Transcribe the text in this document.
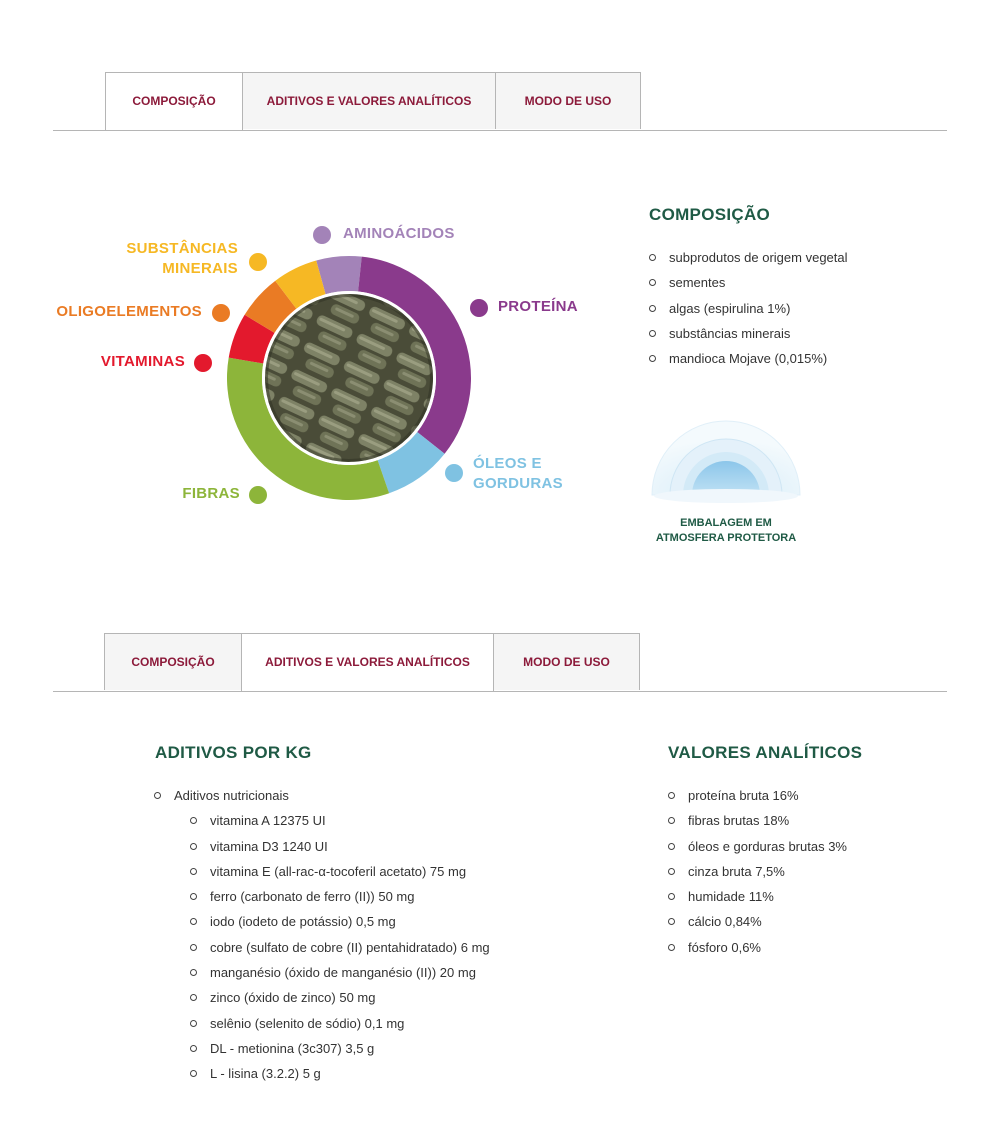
COMPOSIÇÃO	ADITIVOS E VALORES ANALÍTICOS	MODO DE USO
AMINOÁCIDOS
PROTEÍNA
ÓLEOS E
GORDURAS
FIBRAS
VITAMINAS
OLIGOELEMENTOS
SUBSTÂNCIAS
MINERAIS
COMPOSIÇÃO
subprodutos de origem vegetal
sementes
algas (espirulina 1%)
substâncias minerais
mandioca Mojave (0,015%)
EMBALAGEM EM
ATMOSFERA PROTETORA
COMPOSIÇÃO	ADITIVOS E VALORES ANALÍTICOS	MODO DE USO
ADITIVOS POR KG
Aditivos nutricionais
vitamina A 12375 UI
vitamina D3 1240 UI
vitamina E (all-rac-α-tocoferil acetato) 75 mg
ferro (carbonato de ferro (II)) 50 mg
iodo (iodeto de potássio) 0,5 mg
cobre (sulfato de cobre (II) pentahidratado) 6 mg
manganésio (óxido de manganésio (II)) 20 mg
zinco (óxido de zinco) 50 mg
selênio (selenito de sódio) 0,1 mg
DL - metionina (3c307) 3,5 g
L - lisina (3.2.2) 5 g
VALORES ANALÍTICOS
proteína bruta 16%
fibras brutas 18%
óleos e gorduras brutas 3%
cinza bruta 7,5%
humidade 11%
cálcio 0,84%
fósforo 0,6%
